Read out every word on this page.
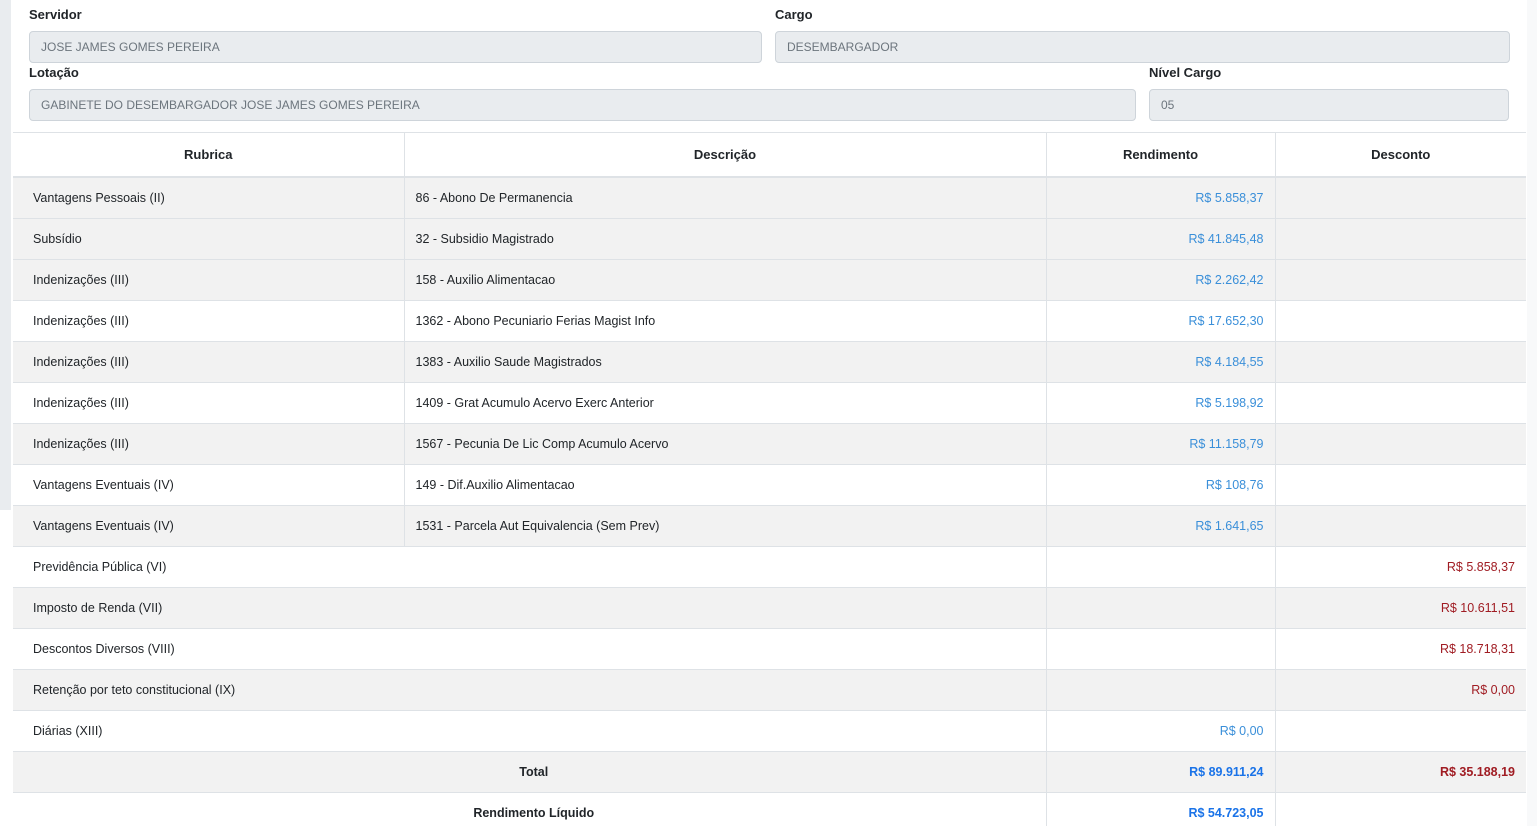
Servidor
JOSE JAMES GOMES PEREIRA
Cargo
DESEMBARGADOR
Lotação
GABINETE DO DESEMBARGADOR JOSE JAMES GOMES PEREIRA
Nível Cargo
05
Rubrica	Descrição	Rendimento	Desconto
Vantagens Pessoais (II)	86 - Abono De Permanencia	R$ 5.858,37	
Subsídio	32 - Subsidio Magistrado	R$ 41.845,48	
Indenizações (III)	158 - Auxilio Alimentacao	R$ 2.262,42	
Indenizações (III)	1362 - Abono Pecuniario Ferias Magist Info	R$ 17.652,30	
Indenizações (III)	1383 - Auxilio Saude Magistrados	R$ 4.184,55	
Indenizações (III)	1409 - Grat Acumulo Acervo Exerc Anterior	R$ 5.198,92	
Indenizações (III)	1567 - Pecunia De Lic Comp Acumulo Acervo	R$ 11.158,79	
Vantagens Eventuais (IV)	149 - Dif.Auxilio Alimentacao	R$ 108,76	
Vantagens Eventuais (IV)	1531 - Parcela Aut Equivalencia (Sem Prev)	R$ 1.641,65	
Previdência Pública (VI)			R$ 5.858,37
Imposto de Renda (VII)			R$ 10.611,51
Descontos Diversos (VIII)			R$ 18.718,31
Retenção por teto constitucional (IX)			R$ 0,00
Diárias (XIII)		R$ 0,00	
Total		R$ 89.911,24	R$ 35.188,19
Rendimento Líquido		R$ 54.723,05	
